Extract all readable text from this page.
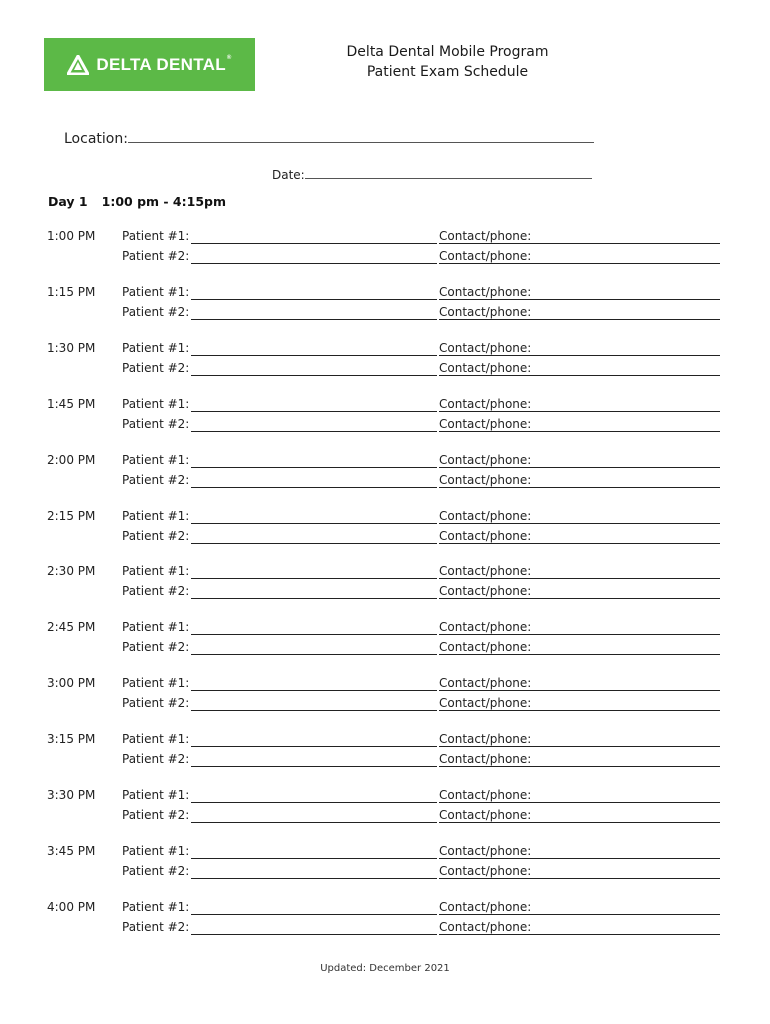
DELTA DENTAL®	Delta Dental Mobile Program
Patient Exam Schedule
Location:
Date:
Day 1 1:00 pm - 4:15pm
1:00 PM Patient #1:	Contact/phone:
Patient #2:	Contact/phone:
1:15 PM Patient #1:	Contact/phone:
Patient #2:	Contact/phone:
1:30 PM Patient #1:	Contact/phone:
Patient #2:	Contact/phone:
1:45 PM Patient #1:	Contact/phone:
Patient #2:	Contact/phone:
2:00 PM Patient #1:	Contact/phone:
Patient #2:	Contact/phone:
2:15 PM Patient #1:	Contact/phone:
Patient #2:	Contact/phone:
2:30 PM Patient #1:	Contact/phone:
Patient #2:	Contact/phone:
2:45 PM Patient #1:	Contact/phone:
Patient #2:	Contact/phone:
3:00 PM Patient #1:	Contact/phone:
Patient #2:	Contact/phone:
3:15 PM Patient #1:	Contact/phone:
Patient #2:	Contact/phone:
3:30 PM Patient #1:	Contact/phone:
Patient #2:	Contact/phone:
3:45 PM Patient #1:	Contact/phone:
Patient #2:	Contact/phone:
4:00 PM Patient #1:	Contact/phone:
Patient #2:	Contact/phone:
Updated: December 2021
